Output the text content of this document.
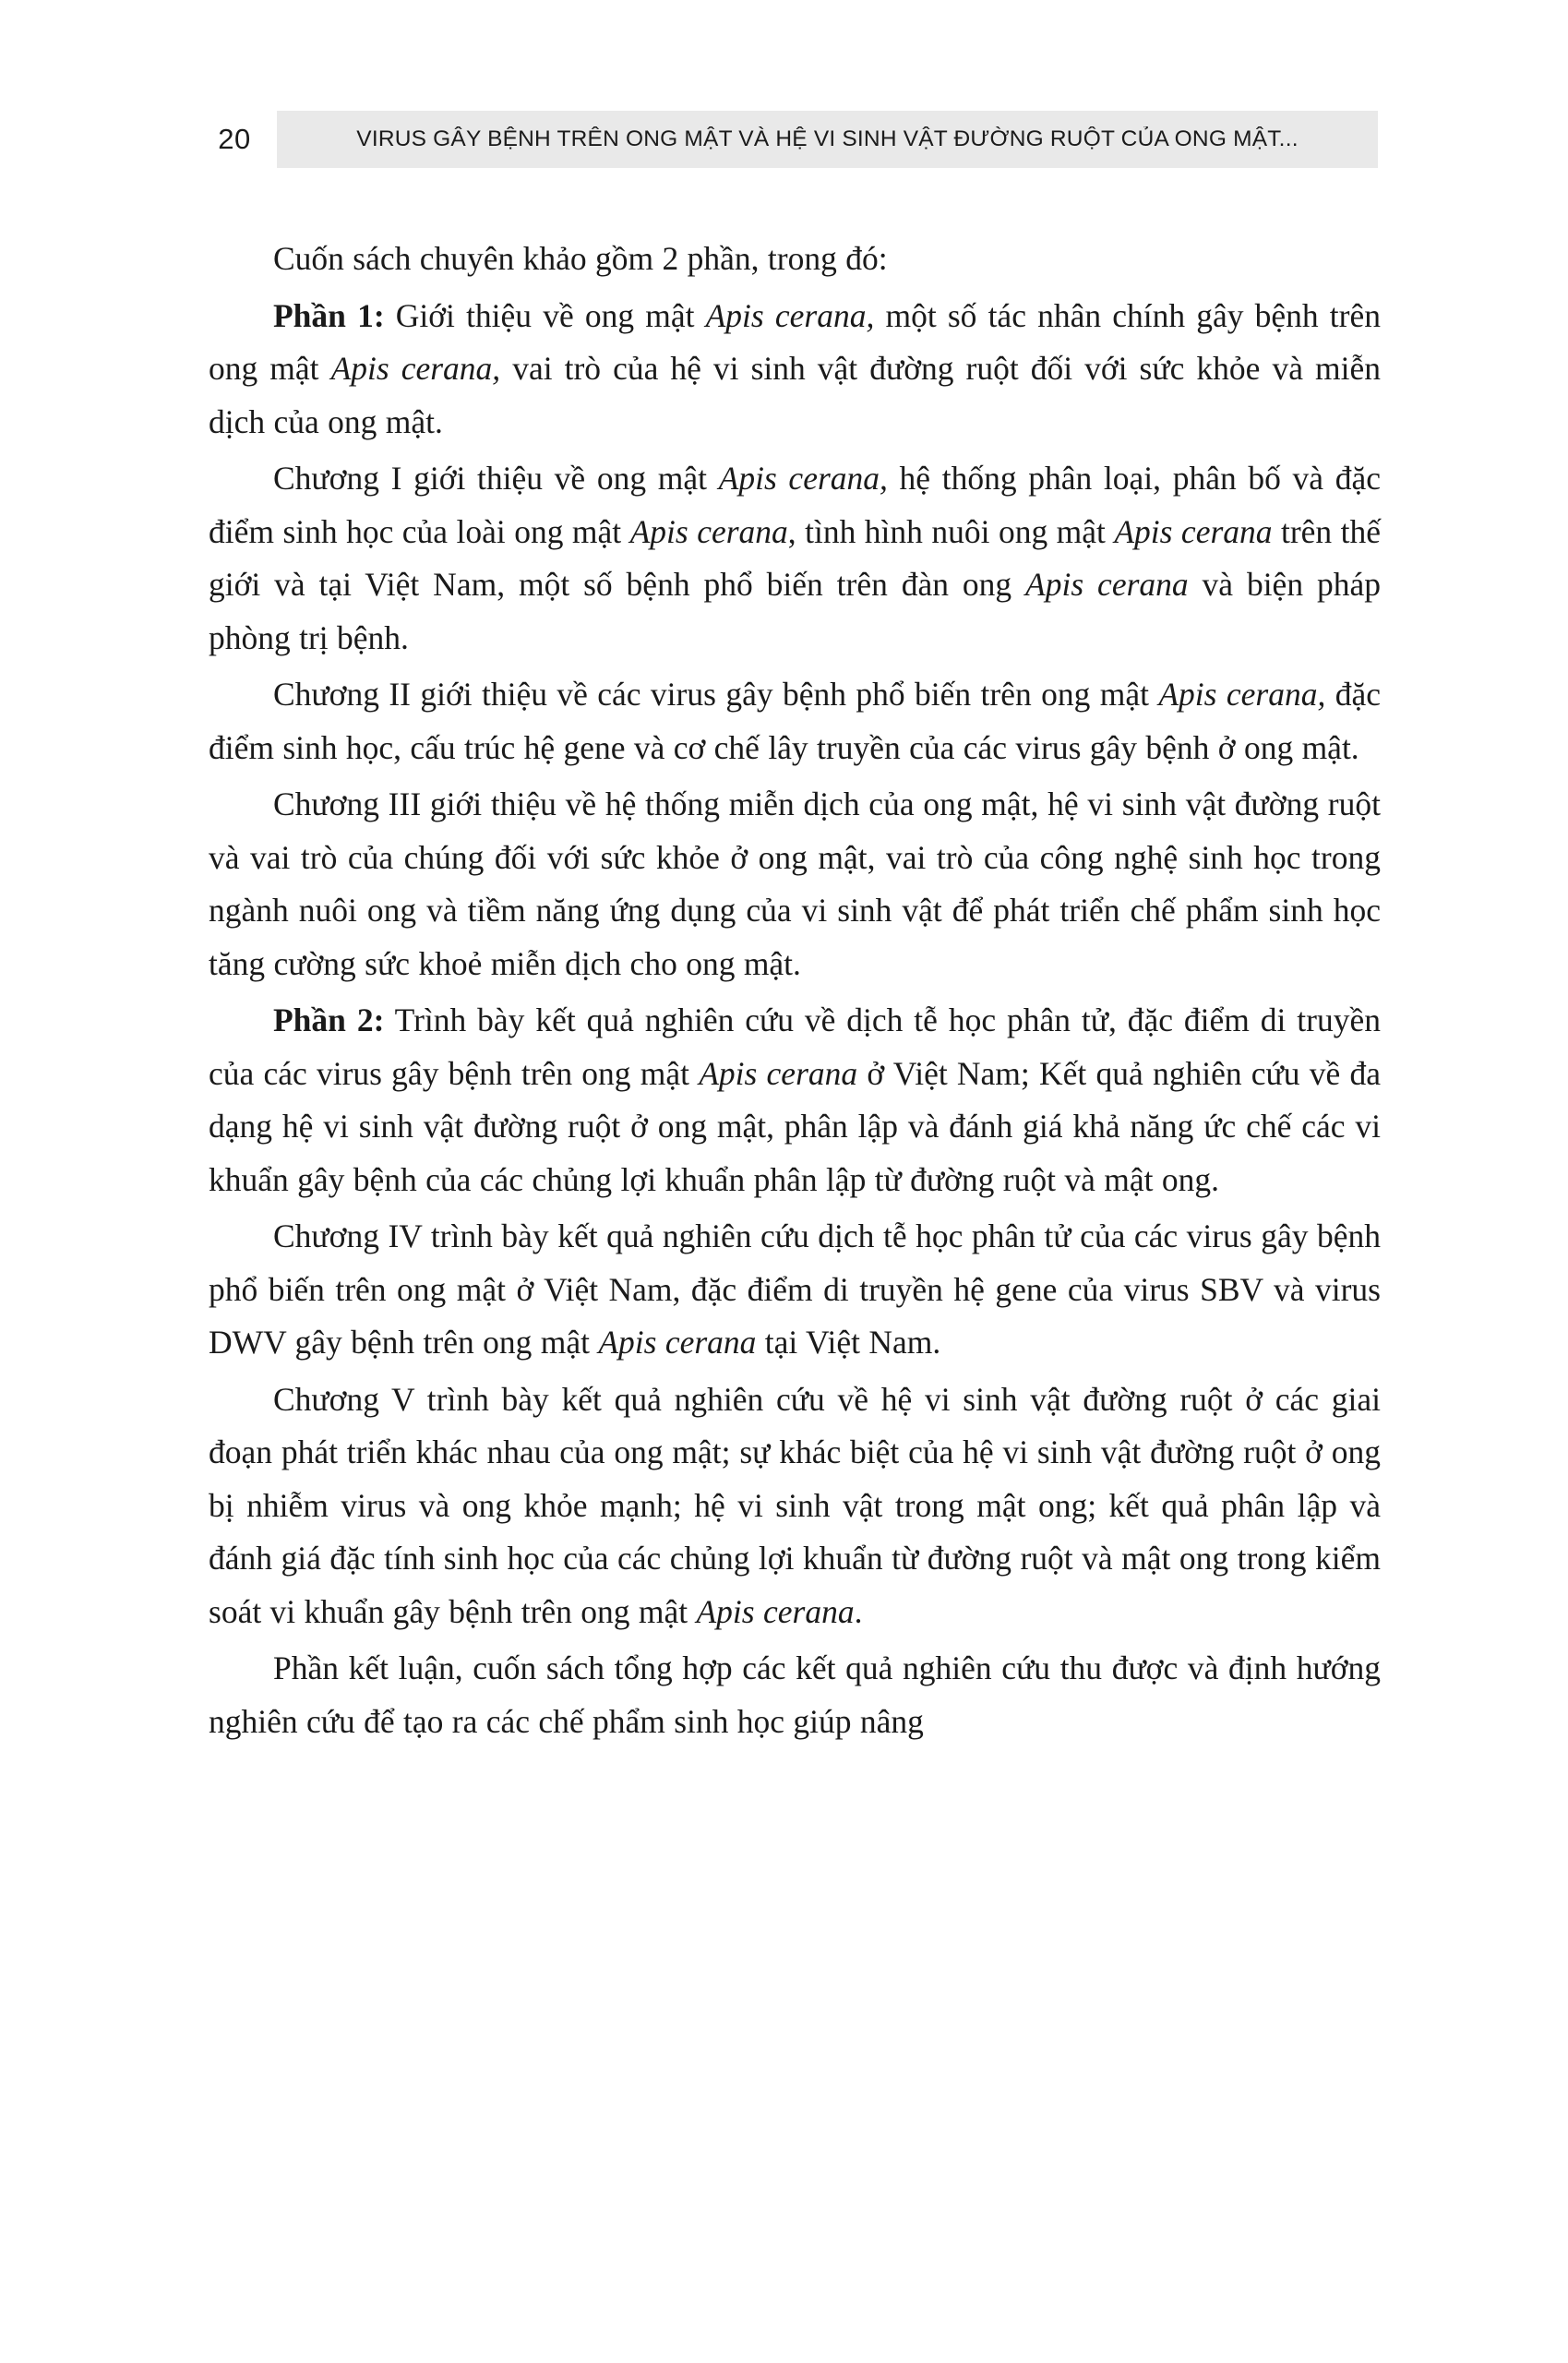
20	VIRUS GÂY BỆNH TRÊN ONG MẬT VÀ HỆ VI SINH VẬT ĐƯỜNG RUỘT CỦA ONG MẬT...

Cuốn sách chuyên khảo gồm 2 phần, trong đó:

Phần 1: Giới thiệu về ong mật Apis cerana, một số tác nhân chính gây bệnh trên ong mật Apis cerana, vai trò của hệ vi sinh vật đường ruột đối với sức khỏe và miễn dịch của ong mật.

Chương I giới thiệu về ong mật Apis cerana, hệ thống phân loại, phân bố và đặc điểm sinh học của loài ong mật Apis cerana, tình hình nuôi ong mật Apis cerana trên thế giới và tại Việt Nam, một số bệnh phổ biến trên đàn ong Apis cerana và biện pháp phòng trị bệnh.

Chương II giới thiệu về các virus gây bệnh phổ biến trên ong mật Apis cerana, đặc điểm sinh học, cấu trúc hệ gene và cơ chế lây truyền của các virus gây bệnh ở ong mật.

Chương III giới thiệu về hệ thống miễn dịch của ong mật, hệ vi sinh vật đường ruột và vai trò của chúng đối với sức khỏe ở ong mật, vai trò của công nghệ sinh học trong ngành nuôi ong và tiềm năng ứng dụng của vi sinh vật để phát triển chế phẩm sinh học tăng cường sức khoẻ miễn dịch cho ong mật.

Phần 2: Trình bày kết quả nghiên cứu về dịch tễ học phân tử, đặc điểm di truyền của các virus gây bệnh trên ong mật Apis cerana ở Việt Nam; Kết quả nghiên cứu về đa dạng hệ vi sinh vật đường ruột ở ong mật, phân lập và đánh giá khả năng ức chế các vi khuẩn gây bệnh của các chủng lợi khuẩn phân lập từ đường ruột và mật ong.

Chương IV trình bày kết quả nghiên cứu dịch tễ học phân tử của các virus gây bệnh phổ biến trên ong mật ở Việt Nam, đặc điểm di truyền hệ gene của virus SBV và virus DWV gây bệnh trên ong mật Apis cerana tại Việt Nam.

Chương V trình bày kết quả nghiên cứu về hệ vi sinh vật đường ruột ở các giai đoạn phát triển khác nhau của ong mật; sự khác biệt của hệ vi sinh vật đường ruột ở ong bị nhiễm virus và ong khỏe mạnh; hệ vi sinh vật trong mật ong; kết quả phân lập và đánh giá đặc tính sinh học của các chủng lợi khuẩn từ đường ruột và mật ong trong kiểm soát vi khuẩn gây bệnh trên ong mật Apis cerana.

Phần kết luận, cuốn sách tổng hợp các kết quả nghiên cứu thu được và định hướng nghiên cứu để tạo ra các chế phẩm sinh học giúp nâng
